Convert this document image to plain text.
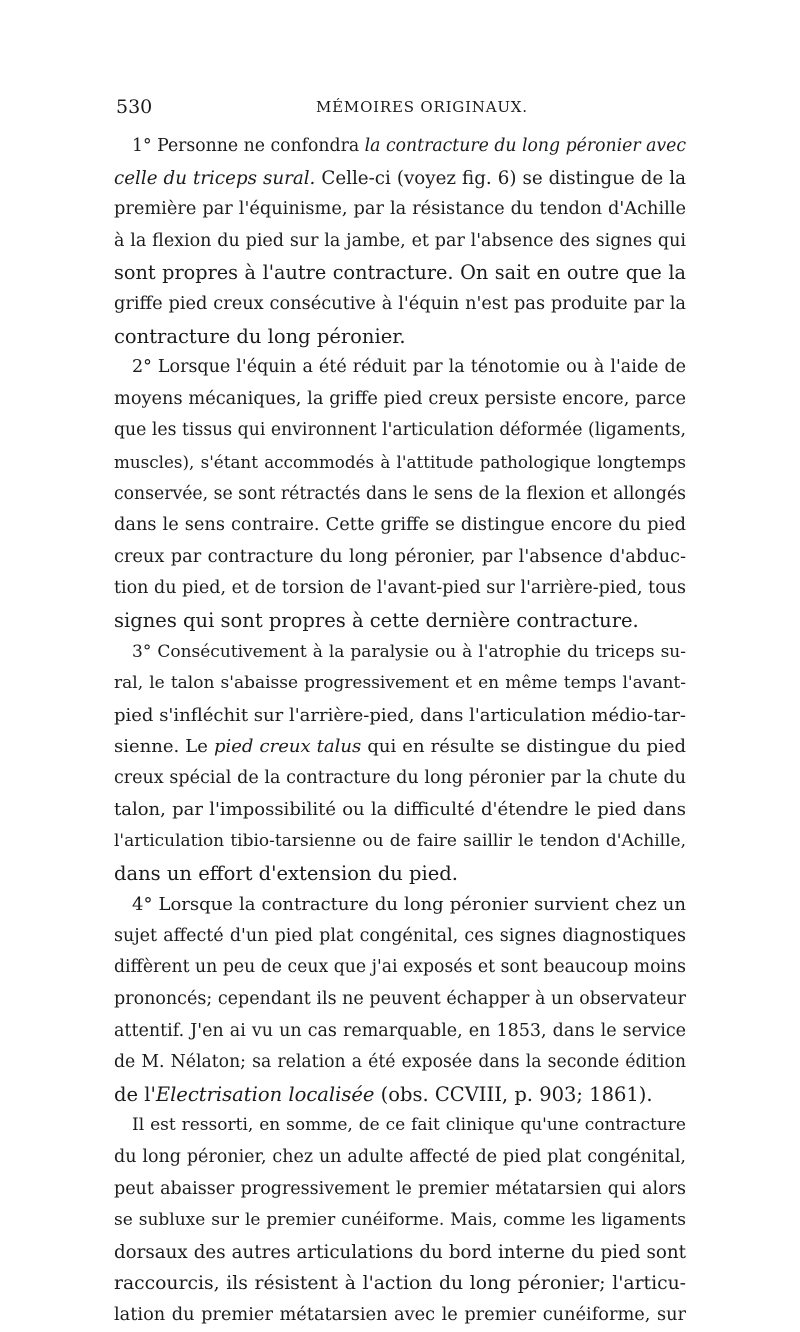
530	MÉMOIRES ORIGINAUX.
1° Personne ne confondra la contracture du long péronier avec
celle du triceps sural. Celle-ci (voyez fig. 6) se distingue de la
première par l'équinisme, par la résistance du tendon d'Achille
à la flexion du pied sur la jambe, et par l'absence des signes qui
sont propres à l'autre contracture. On sait en outre que la
griffe pied creux consécutive à l'équin n'est pas produite par la
contracture du long péronier.
2° Lorsque l'équin a été réduit par la ténotomie ou à l'aide de
moyens mécaniques, la griffe pied creux persiste encore, parce
que les tissus qui environnent l'articulation déformée (ligaments,
muscles), s'étant accommodés à l'attitude pathologique longtemps
conservée, se sont rétractés dans le sens de la flexion et allongés
dans le sens contraire. Cette griffe se distingue encore du pied
creux par contracture du long péronier, par l'absence d'abduc-
tion du pied, et de torsion de l'avant-pied sur l'arrière-pied, tous
signes qui sont propres à cette dernière contracture.
3° Consécutivement à la paralysie ou à l'atrophie du triceps su-
ral, le talon s'abaisse progressivement et en même temps l'avant-
pied s'infléchit sur l'arrière-pied, dans l'articulation médio-tar-
sienne. Le pied creux talus qui en résulte se distingue du pied
creux spécial de la contracture du long péronier par la chute du
talon, par l'impossibilité ou la difficulté d'étendre le pied dans
l'articulation tibio-tarsienne ou de faire saillir le tendon d'Achille,
dans un effort d'extension du pied.
4° Lorsque la contracture du long péronier survient chez un
sujet affecté d'un pied plat congénital, ces signes diagnostiques
diffèrent un peu de ceux que j'ai exposés et sont beaucoup moins
prononcés; cependant ils ne peuvent échapper à un observateur
attentif. J'en ai vu un cas remarquable, en 1853, dans le service
de M. Nélaton; sa relation a été exposée dans la seconde édition
de l'Electrisation localisée (obs. CCVIII, p. 903; 1861).
Il est ressorti, en somme, de ce fait clinique qu'une contracture
du long péronier, chez un adulte affecté de pied plat congénital,
peut abaisser progressivement le premier métatarsien qui alors
se subluxe sur le premier cunéiforme. Mais, comme les ligaments
dorsaux des autres articulations du bord interne du pied sont
raccourcis, ils résistent à l'action du long péronier; l'articu-
lation du premier métatarsien avec le premier cunéiforme, sur
